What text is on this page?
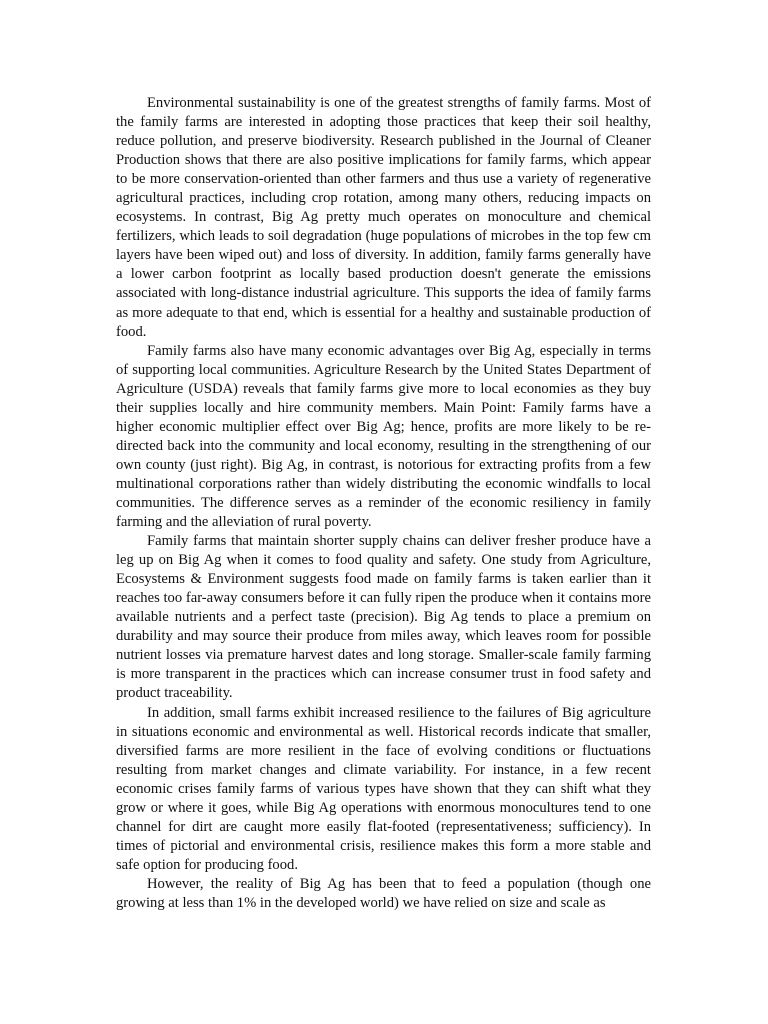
Environmental sustainability is one of the greatest strengths of family farms. Most of the family farms are interested in adopting those practices that keep their soil healthy, reduce pollution, and preserve biodiversity. Research published in the Journal of Cleaner Production shows that there are also positive implications for family farms, which appear to be more conservation-oriented than other farmers and thus use a variety of regenerative agricultural practices, including crop rotation, among many others, reducing impacts on ecosystems. In contrast, Big Ag pretty much operates on monoculture and chemical fertilizers, which leads to soil degradation (huge populations of microbes in the top few cm layers have been wiped out) and loss of diversity. In addition, family farms generally have a lower carbon footprint as locally based production doesn't generate the emissions associated with long-distance industrial agriculture. This supports the idea of family farms as more adequate to that end, which is essential for a healthy and sustainable production of food.

Family farms also have many economic advantages over Big Ag, especially in terms of supporting local communities. Agriculture Research by the United States Department of Agriculture (USDA) reveals that family farms give more to local economies as they buy their supplies locally and hire community members. Main Point: Family farms have a higher economic multiplier effect over Big Ag; hence, profits are more likely to be re-directed back into the community and local economy, resulting in the strengthening of our own county (just right). Big Ag, in contrast, is notorious for extracting profits from a few multinational corporations rather than widely distributing the economic windfalls to local communities. The difference serves as a reminder of the economic resiliency in family farming and the alleviation of rural poverty.

Family farms that maintain shorter supply chains can deliver fresher produce have a leg up on Big Ag when it comes to food quality and safety. One study from Agriculture, Ecosystems & Environment suggests food made on family farms is taken earlier than it reaches too far-away consumers before it can fully ripen the produce when it contains more available nutrients and a perfect taste (precision). Big Ag tends to place a premium on durability and may source their produce from miles away, which leaves room for possible nutrient losses via premature harvest dates and long storage. Smaller-scale family farming is more transparent in the practices which can increase consumer trust in food safety and product traceability.

In addition, small farms exhibit increased resilience to the failures of Big agriculture in situations economic and environmental as well. Historical records indicate that smaller, diversified farms are more resilient in the face of evolving conditions or fluctuations resulting from market changes and climate variability. For instance, in a few recent economic crises family farms of various types have shown that they can shift what they grow or where it goes, while Big Ag operations with enormous monocultures tend to one channel for dirt are caught more easily flat-footed (representativeness; sufficiency). In times of pictorial and environmental crisis, resilience makes this form a more stable and safe option for producing food.

However, the reality of Big Ag has been that to feed a population (though one growing at less than 1% in the developed world) we have relied on size and scale as
